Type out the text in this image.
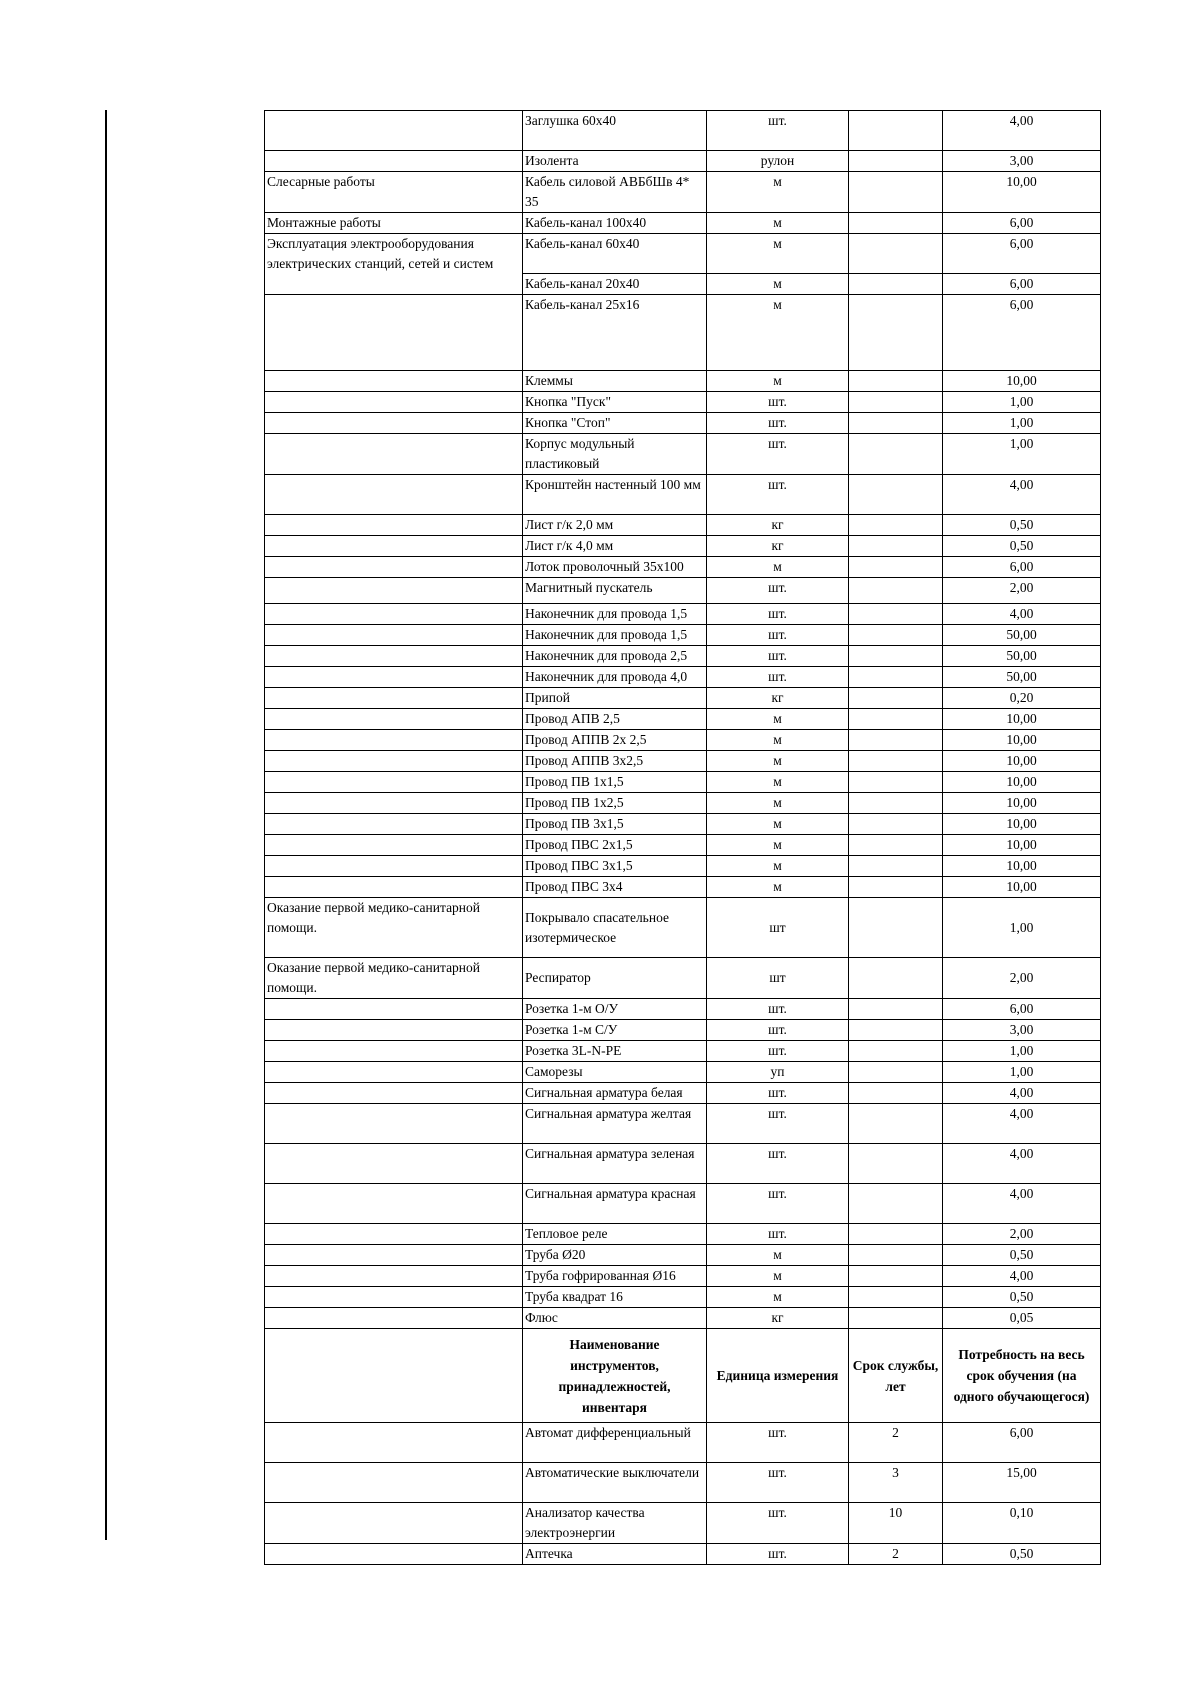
	Заглушка 60х40	шт.		4,00
	Изолента	рулон		3,00
Слесарные работы	Кабель силовой АВБбШв 4* 35	м		10,00
Монтажные работы	Кабель-канал 100х40	м		6,00
Эксплуатация электрооборудования электрических станций, сетей и систем	Кабель-канал 60х40	м		6,00
	Кабель-канал 20х40	м		6,00
	Кабель-канал 25х16	м		6,00
	Клеммы	м		10,00
	Кнопка "Пуск"	шт.		1,00
	Кнопка "Стоп"	шт.		1,00
	Корпус модульный пластиковый	шт.		1,00
	Кронштейн настенный 100 мм	шт.		4,00
	Лист г/к 2,0 мм	кг		0,50
	Лист г/к 4,0 мм	кг		0,50
	Лоток проволочный 35х100	м		6,00
	Магнитный пускатель	шт.		2,00
	Наконечник для провода 1,5	шт.		4,00
	Наконечник для провода 1,5	шт.		50,00
	Наконечник для провода 2,5	шт.		50,00
	Наконечник для провода 4,0	шт.		50,00
	Припой	кг		0,20
	Провод АПВ 2,5	м		10,00
	Провод АППВ 2х 2,5	м		10,00
	Провод АППВ 3х2,5	м		10,00
	Провод ПВ 1х1,5	м		10,00
	Провод ПВ 1х2,5	м		10,00
	Провод ПВ 3х1,5	м		10,00
	Провод ПВС 2х1,5	м		10,00
	Провод ПВС 3х1,5	м		10,00
	Провод ПВС 3х4	м		10,00
Оказание первой медико-санитарной помощи.	Покрывало спасательное изотермическое	шт		1,00
Оказание первой медико-санитарной помощи.	Респиратор	шт		2,00
	Розетка 1-м О/У	шт.		6,00
	Розетка 1-м С/У	шт.		3,00
	Розетка 3L-N-PE	шт.		1,00
	Саморезы	уп		1,00
	Сигнальная арматура белая	шт.		4,00
	Сигнальная арматура желтая	шт.		4,00
	Сигнальная арматура зеленая	шт.		4,00
	Сигнальная арматура красная	шт.		4,00
	Тепловое реле	шт.		2,00
	Труба Ø20	м		0,50
	Труба гофрированная Ø16	м		4,00
	Труба квадрат 16	м		0,50
	Флюс	кг		0,05
	Наименование инструментов, принадлежностей, инвентаря	Единица измерения	Срок службы, лет	Потребность на весь срок обучения (на одного обучающегося)
	Автомат дифференциальный	шт.	2	6,00
	Автоматические выключатели	шт.	3	15,00
	Анализатор качества электроэнергии	шт.	10	0,10
	Аптечка	шт.	2	0,50
